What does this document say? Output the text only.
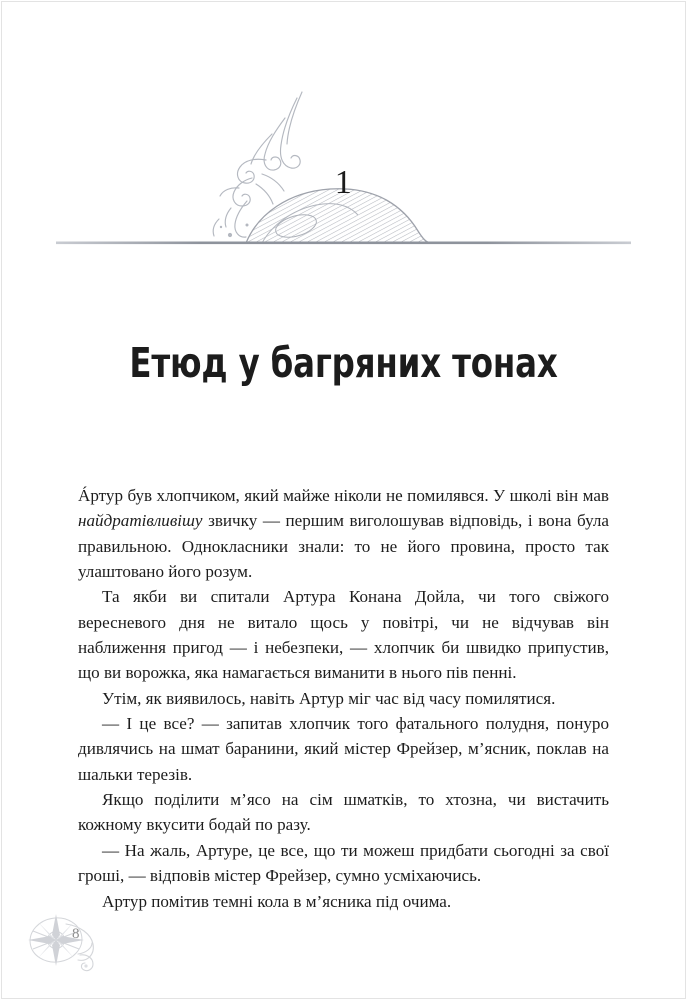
1
Етюд у багряних тонах

Áртур був хлопчиком, який майже ніколи не помилявся. У школі він мав найдратівливішу звичку — першим виголошував відповідь, і вона була правильною. Однокласники знали: то не його провина, просто так улаштовано його розум.

Та якби ви спитали Артура Конана Дойла, чи того свіжого вересневого дня не витало щось у повітрі, чи не відчував він наближення пригод — і небезпеки, — хлопчик би швидко припустив, що ви ворожка, яка намагається виманити в нього пів пенні.

Утім, як виявилось, навіть Артур міг час від часу помилятися.

— І це все? — запитав хлопчик того фатального полудня, понуро дивлячись на шмат баранини, який містер Фрейзер, м’ясник, поклав на шальки терезів.

Якщо поділити м’ясо на сім шматків, то хтозна, чи вистачить кожному вкусити бодай по разу.

— На жаль, Артуре, це все, що ти можеш придбати сьогодні за свої гроші, — відповів містер Фрейзер, сумно усміхаючись.

Артур помітив темні кола в м’ясника під очима.

8
